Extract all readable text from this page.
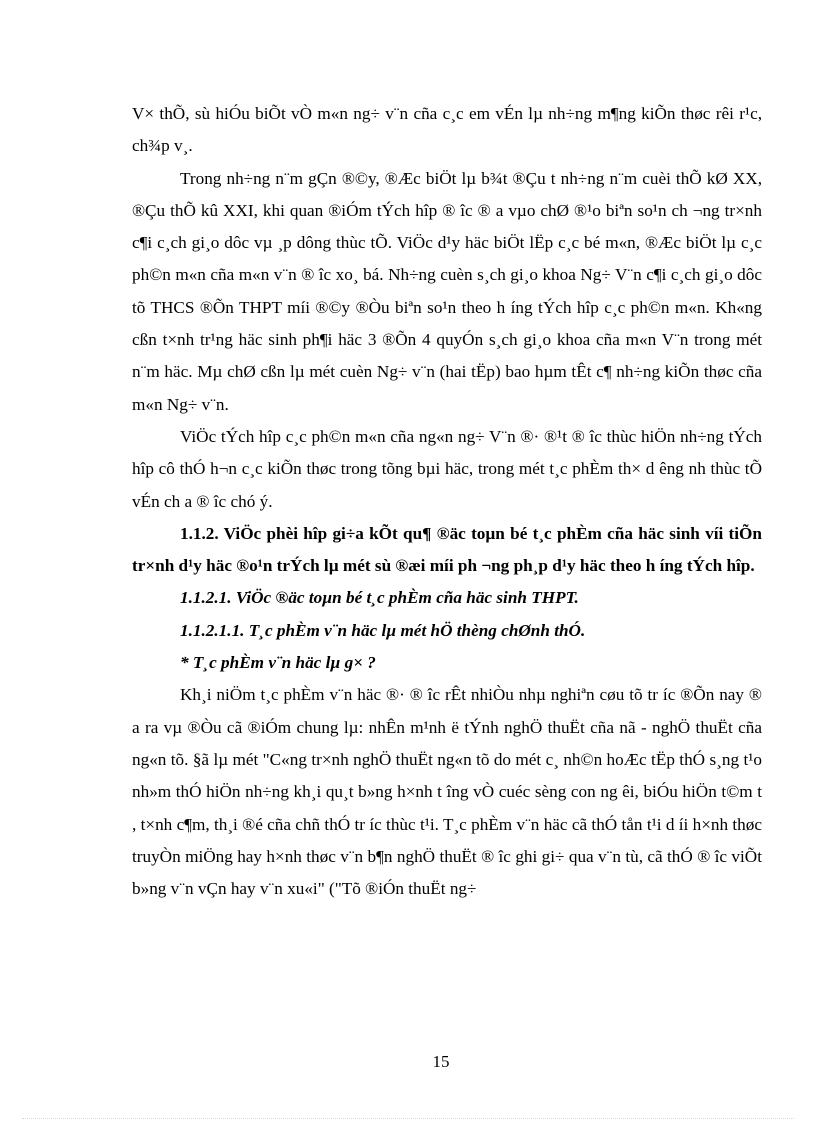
V× thÕ, sù hiÓu biÕt vÒ m«n ng÷ v¨n cña c¸c em vÉn lµ nh÷ng m¶ng kiÕn thøc rêi r¹c, ch¾p v¸.

Trong nh÷ng n¨m gÇn ®©y, ®Æc biÖt lµ b¾t ®Çu t nh÷ng n¨m cuèi thÕ kØ XX, ®Çu thÕ kû XXI, khi quan ®iÓm tÝch hîp ® îc ® a vµo chØ ®¹o biªn so¹n ch ¬ng tr×nh c¶i c¸ch gi¸o dôc vµ ¸p dông thùc tÕ. ViÖc d¹y häc biÖt lËp c¸c bé m«n, ®Æc biÖt lµ c¸c ph©n m«n cña m«n v¨n ® îc xo¸ bá. Nh÷ng cuèn s¸ch gi¸o khoa Ng÷ V¨n c¶i c¸ch gi¸o dôc tõ THCS ®Õn THPT míi ®©y ®Òu biªn so¹n theo h íng tÝch hîp c¸c ph©n m«n. Kh«ng cßn t×nh tr¹ng häc sinh ph¶i häc 3 ®Õn 4 quyÓn s¸ch gi¸o khoa cña m«n V¨n trong mét n¨m häc. Mµ chØ cßn lµ mét cuèn Ng÷ v¨n (hai tËp) bao hµm tÊt c¶ nh÷ng kiÕn thøc cña m«n Ng÷ v¨n.

ViÖc tÝch hîp c¸c ph©n m«n cña ng«n ng÷ V¨n ®· ®¹t ® îc thùc hiÖn nh÷ng tÝch hîp cô thÓ h¬n c¸c kiÕn thøc trong tõng bµi häc, trong mét t¸c phÈm th× d êng nh thùc tÕ vÉn ch a ® îc chó ý.

1.1.2. ViÖc phèi hîp gi÷a kÕt qu¶ ®äc toµn bé t¸c phÈm cña häc sinh víi tiÕn tr×nh d¹y häc ®o¹n trÝch lµ mét sù ®æi míi ph ¬ng ph¸p d¹y häc theo h íng tÝch hîp.

1.1.2.1. ViÖc ®äc toµn bé t¸c phÈm cña häc sinh THPT.

1.1.2.1.1. T¸c phÈm v¨n häc lµ mét hÖ thèng chØnh thÓ.

* T¸c phÈm v¨n häc lµ g× ?

Kh¸i niÖm t¸c phÈm v¨n häc ®· ® îc rÊt nhiÒu nhµ nghiªn cøu tõ tr íc ®Õn nay ® a ra vµ ®Òu cã ®iÓm chung lµ: nhÊn m¹nh ë tÝnh nghÖ thuËt cña nã - nghÖ thuËt cña ng«n tõ. §ã lµ mét "C«ng tr×nh nghÖ thuËt ng«n tõ do mét c¸ nh©n hoÆc tËp thÓ s¸ng t¹o nh»m thÓ hiÖn nh÷ng kh¸i qu¸t b»ng h×nh t îng vÒ cuéc sèng con ng êi, biÓu hiÖn t©m t , t×nh c¶m, th¸i ®é cña chñ thÓ tr íc thùc t¹i. T¸c phÈm v¨n häc cã thÓ tån t¹i d íi h×nh thøc truyÒn miÖng hay h×nh thøc v¨n b¶n nghÖ thuËt ® îc ghi gi÷ qua v¨n tù, cã thÓ ® îc viÕt b»ng v¨n vÇn hay v¨n xu«i" ("Tõ ®iÓn thuËt ng÷

15
